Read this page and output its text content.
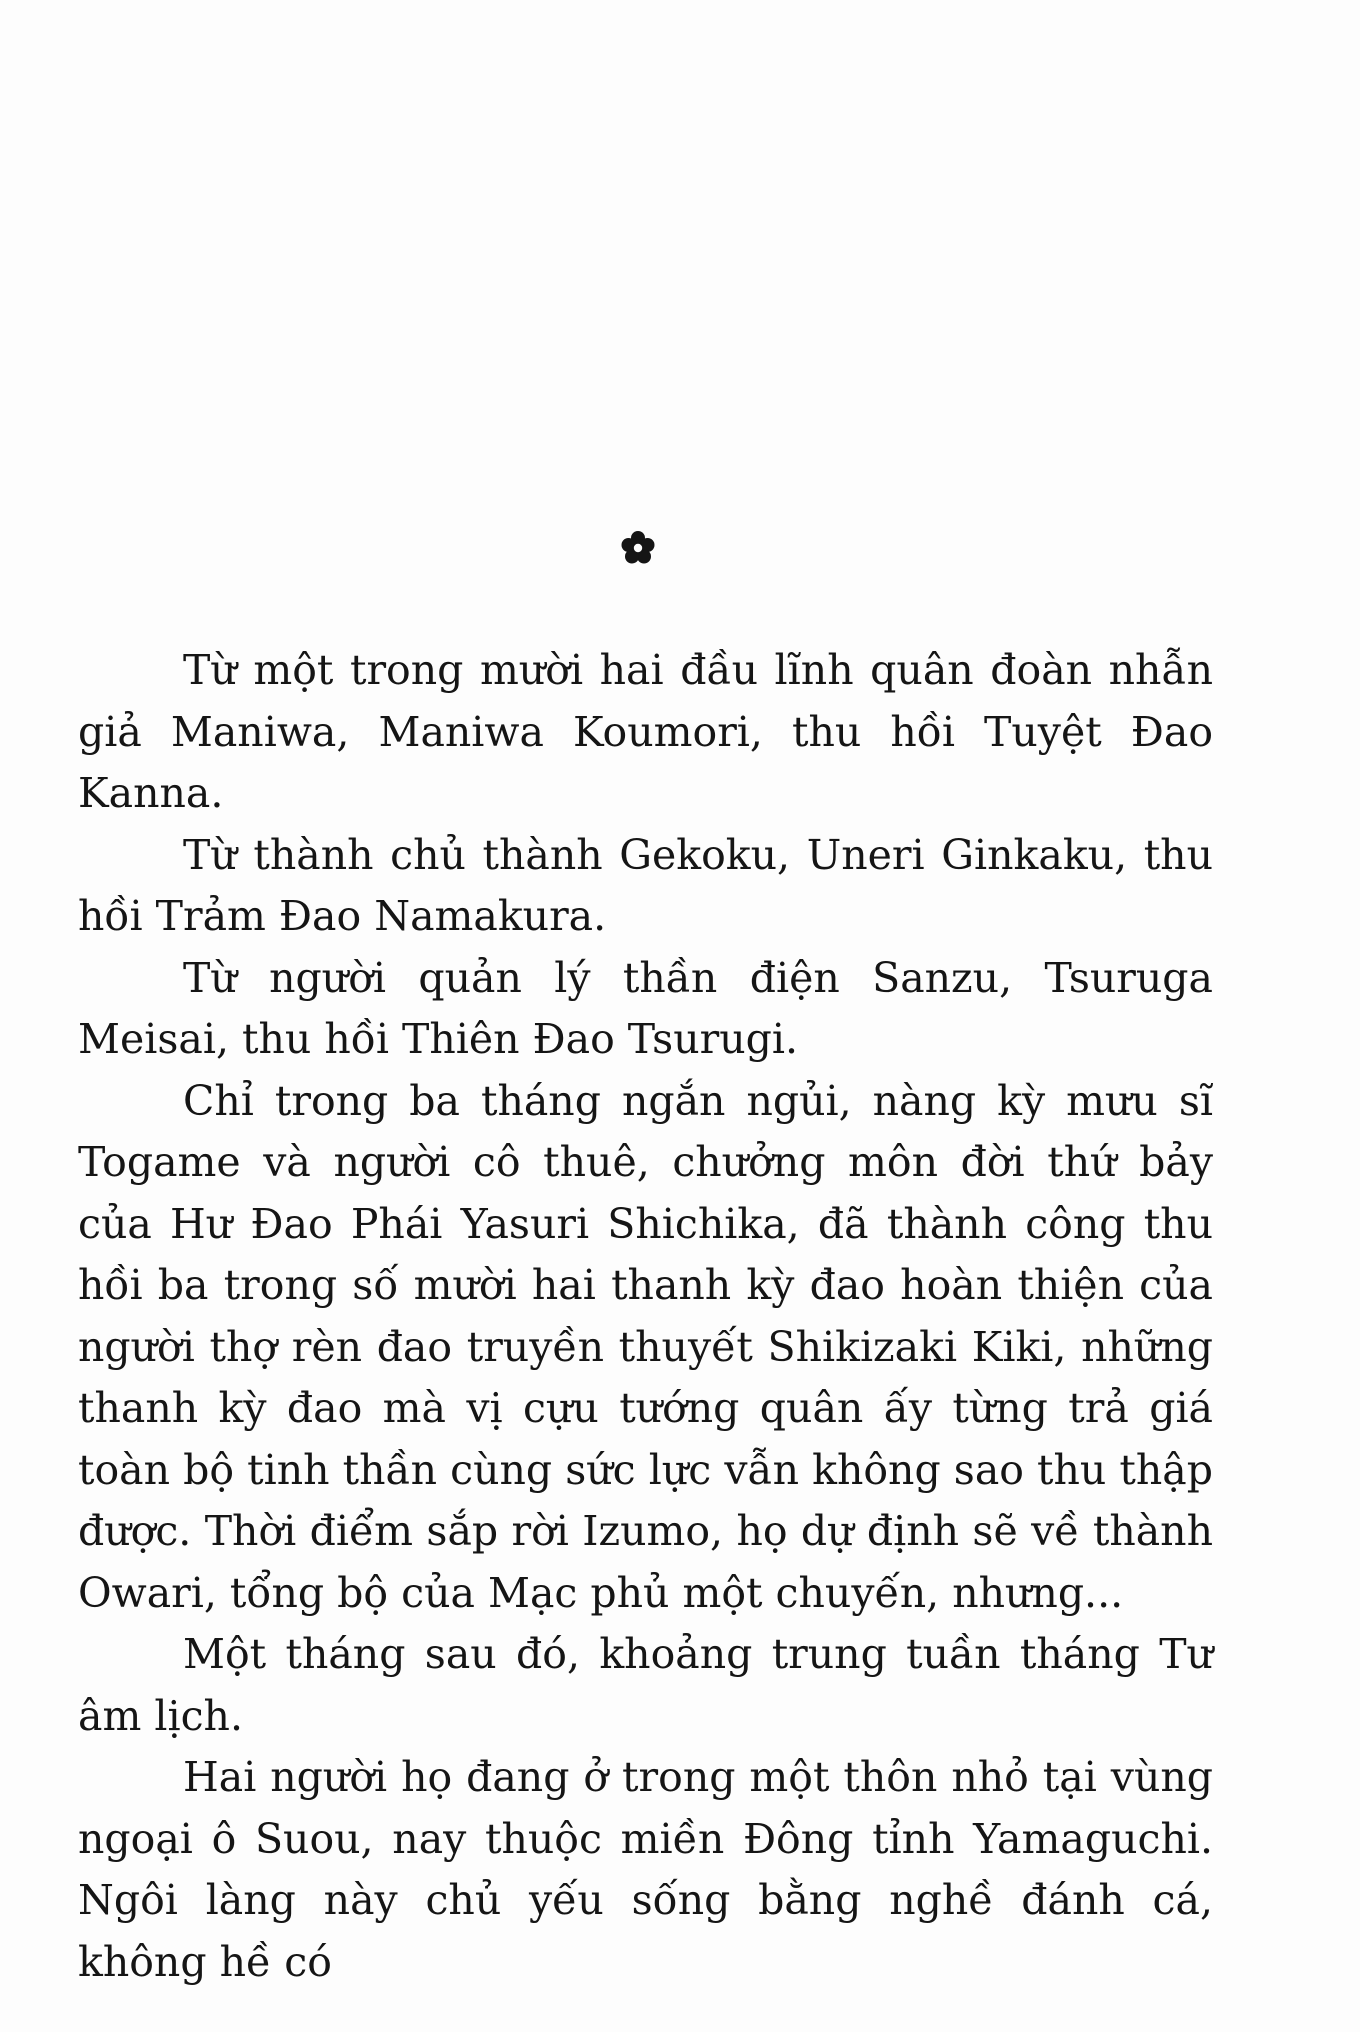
Từ một trong mười hai đầu lĩnh quân đoàn nhẫn giả Maniwa, Maniwa Koumori, thu hồi Tuyệt Đao Kanna.

Từ thành chủ thành Gekoku, Uneri Ginkaku, thu hồi Trảm Đao Namakura.

Từ người quản lý thần điện Sanzu, Tsuruga Meisai, thu hồi Thiên Đao Tsurugi.

Chỉ trong ba tháng ngắn ngủi, nàng kỳ mưu sĩ Togame và người cô thuê, chưởng môn đời thứ bảy của Hư Đao Phái Yasuri Shichika, đã thành công thu hồi ba trong số mười hai thanh kỳ đao hoàn thiện của người thợ rèn đao truyền thuyết Shikizaki Kiki, những thanh kỳ đao mà vị cựu tướng quân ấy từng trả giá toàn bộ tinh thần cùng sức lực vẫn không sao thu thập được. Thời điểm sắp rời Izumo, họ dự định sẽ về thành Owari, tổng bộ của Mạc phủ một chuyến, nhưng...

Một tháng sau đó, khoảng trung tuần tháng Tư âm lịch.

Hai người họ đang ở trong một thôn nhỏ tại vùng ngoại ô Suou, nay thuộc miền Đông tỉnh Yamaguchi. Ngôi làng này chủ yếu sống bằng nghề đánh cá, không hề có
